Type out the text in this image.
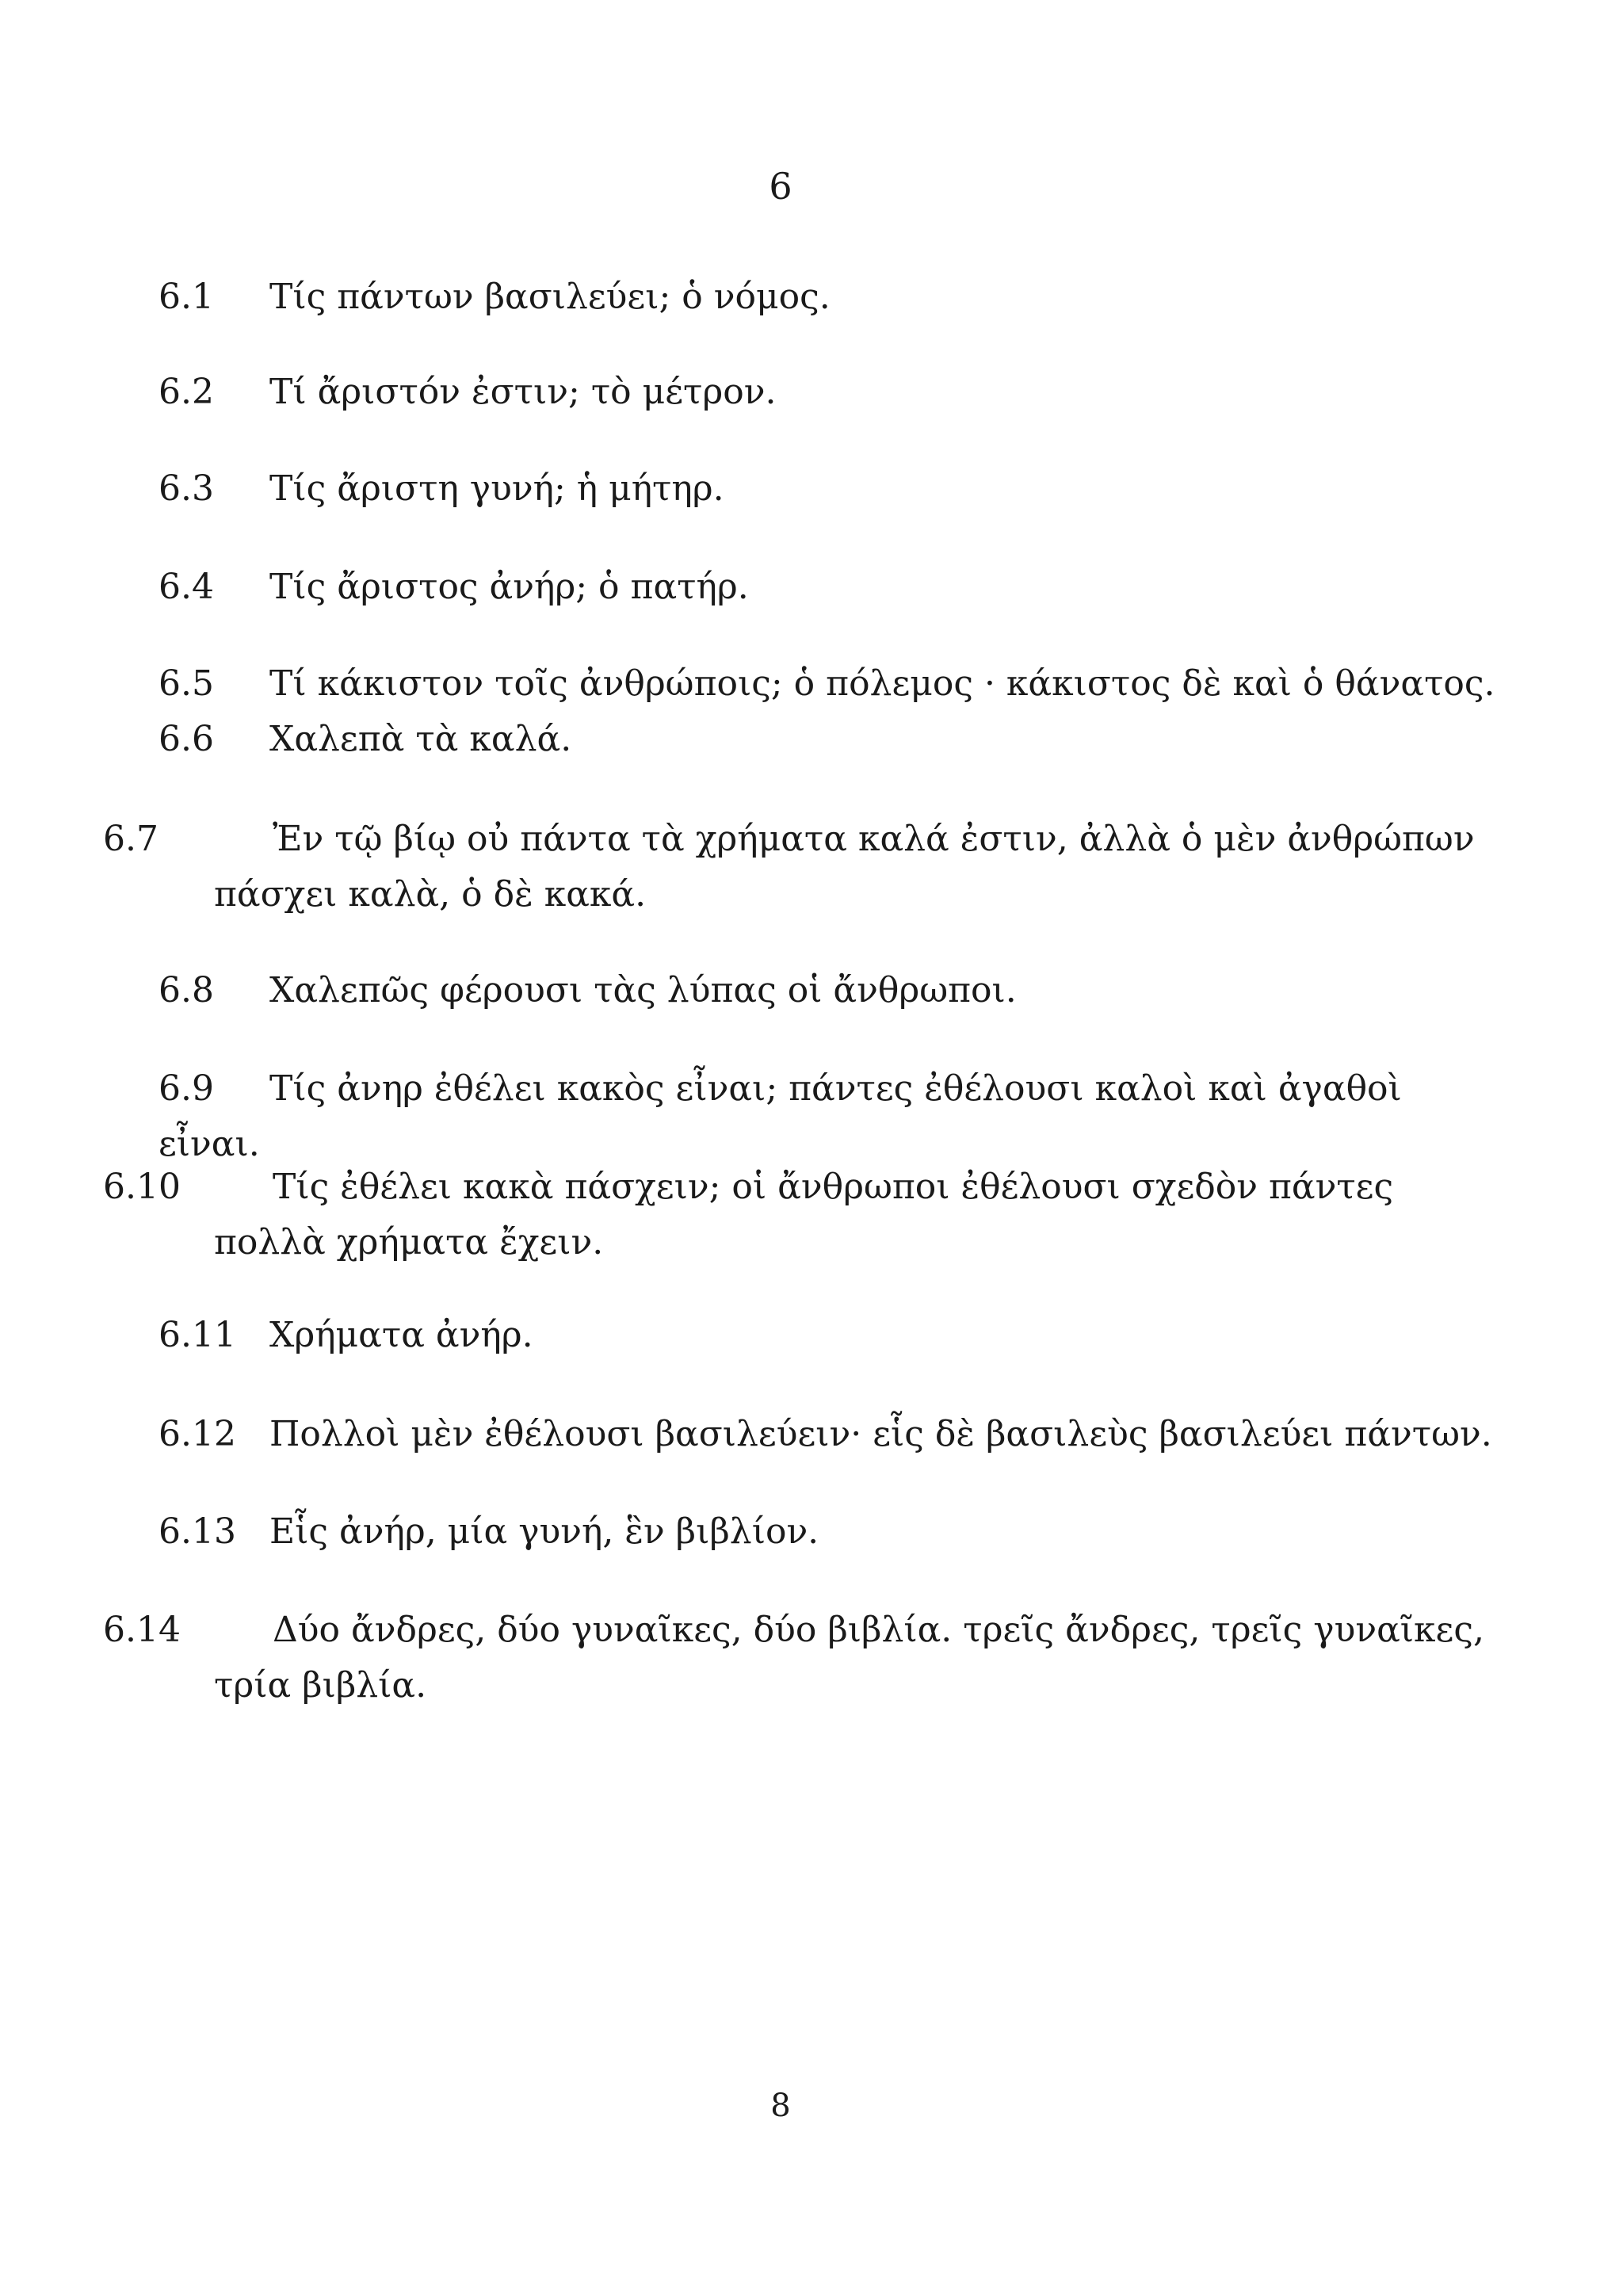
6
6.1 Τίς πάντων βασιλεύει; ὁ νόμος.
6.2 Τί ἄριστόν ἐστιν; τὸ μέτρον.
6.3 Τίς ἄριστη γυνή; ἡ μήτηρ.
6.4 Τίς ἄριστος ἀνήρ; ὁ πατήρ.
6.5 Τί κάκιστον τοῖς ἀνθρώποις; ὁ πόλεμος · κάκιστος δὲ καὶ ὁ θάνατος.
6.6 Χαλεπὰ τὰ καλά.
6.7	Ἐν τῷ βίῳ οὐ πάντα τὰ χρήματα καλά ἐστιν, ἀλλὰ ὁ μὲν ἀνθρώπων πάσχει καλὰ, ὁ δὲ κακά.
6.8 Χαλεπῶς φέρουσι τὰς λύπας οἱ ἄνθρωποι.
6.9 Τίς ἀνηρ ἐθέλει κακὸς εἶναι; πάντες ἐθέλουσι καλοὶ καὶ ἀγαθοὶ εἶναι.
6.10	Τίς ἐθέλει κακὰ πάσχειν; οἱ ἄνθρωποι ἐθέλουσι σχεδὸν πάντες πολλὰ χρήματα ἔχειν.
6.11 Χρήματα ἀνήρ.
6.12 Πολλοὶ μὲν ἐθέλουσι βασιλεύειν· εἷς δὲ βασιλεὺς βασιλεύει πάντων.
6.13 Εἷς ἀνήρ, μία γυνή, ἓν βιβλίον.
6.14	Δύο ἄνδρες, δύο γυναῖκες, δύο βιβλία. τρεῖς ἄνδρες, τρεῖς γυναῖκες, τρία βιβλία.
8
